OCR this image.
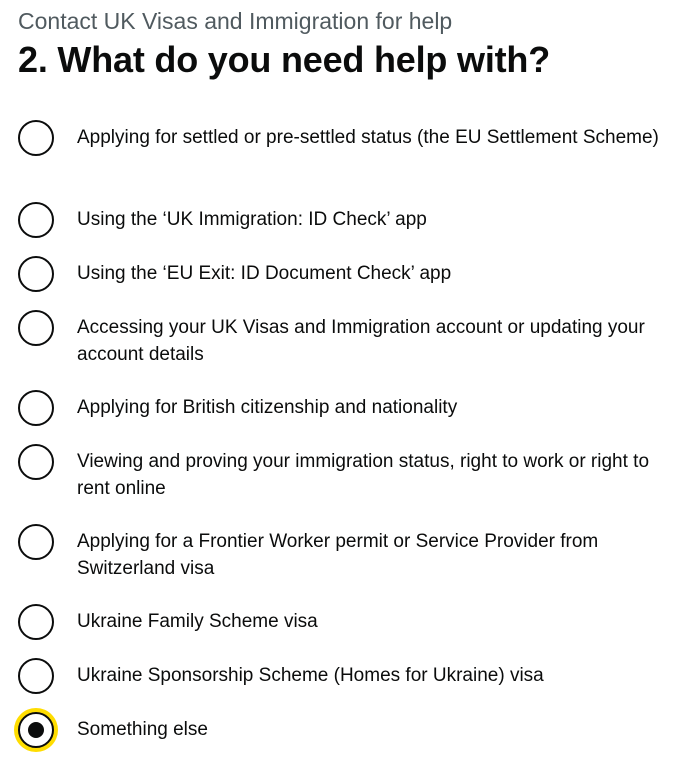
Contact UK Visas and Immigration for help
2. What do you need help with?
Applying for settled or pre-settled status (the EU Settlement Scheme)
Using the ‘UK Immigration: ID Check’ app
Using the ‘EU Exit: ID Document Check’ app
Accessing your UK Visas and Immigration account or updating your account details
Applying for British citizenship and nationality
Viewing and proving your immigration status, right to work or right to rent online
Applying for a Frontier Worker permit or Service Provider from Switzerland visa
Ukraine Family Scheme visa
Ukraine Sponsorship Scheme (Homes for Ukraine) visa
Something else
